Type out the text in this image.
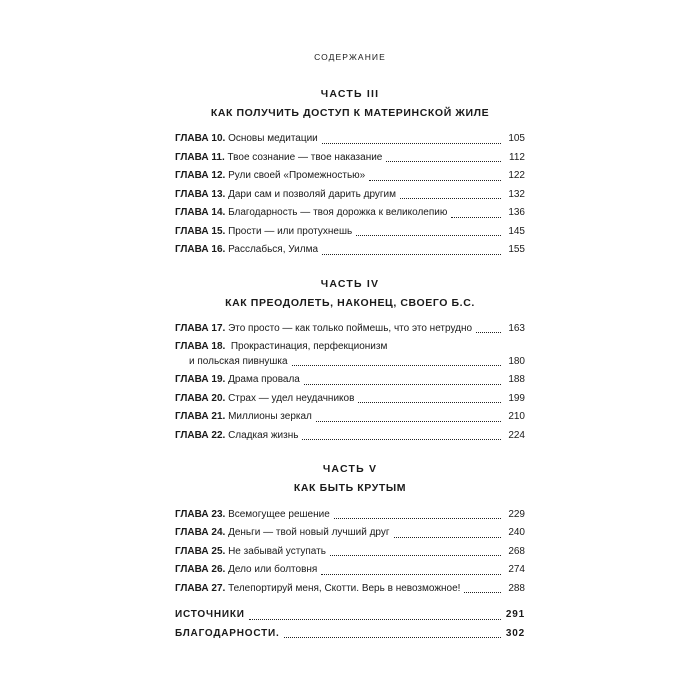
СОДЕРЖАНИЕ
ЧАСТЬ III
КАК ПОЛУЧИТЬ ДОСТУП К МАТЕРИНСКОЙ ЖИЛЕ
ГЛАВА 10. Основы медитации	105
ГЛАВА 11. Твое сознание — твое наказание	112
ГЛАВА 12. Рули своей «Промежностью»	122
ГЛАВА 13. Дари сам и позволяй дарить другим	132
ГЛАВА 14. Благодарность — твоя дорожка к великолепию	136
ГЛАВА 15. Прости — или протухнешь	145
ГЛАВА 16. Расслабься, Уилма	155
ЧАСТЬ IV
КАК ПРЕОДОЛЕТЬ, НАКОНЕЦ, СВОЕГО Б.С.
ГЛАВА 17. Это просто — как только поймешь, что это нетрудно	163
ГЛАВА 18.  Прокрастинация, перфекционизм
и польская пивнушка	180
ГЛАВА 19. Драма провала	188
ГЛАВА 20. Страх — удел неудачников	199
ГЛАВА 21. Миллионы зеркал	210
ГЛАВА 22. Сладкая жизнь	224
ЧАСТЬ V
КАК БЫТЬ КРУТЫМ
ГЛАВА 23. Всемогущее решение	229
ГЛАВА 24. Деньги — твой новый лучший друг	240
ГЛАВА 25. Не забывай уступать	268
ГЛАВА 26. Дело или болтовня	274
ГЛАВА 27. Телепортируй меня, Скотти. Верь в невозможное!	288
ИСТОЧНИКИ	291
БЛАГОДАРНОСТИ.	302
